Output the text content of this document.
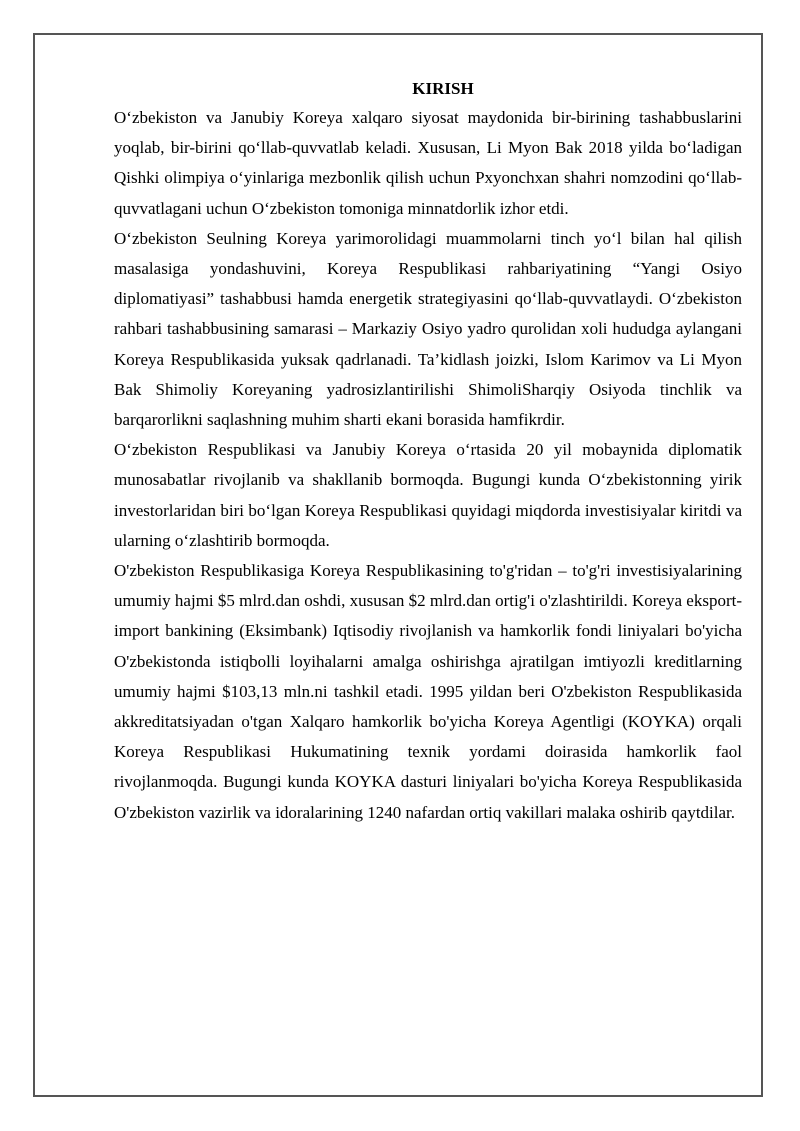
KIRISH

O‘zbekiston va Janubiy Koreya xalqaro siyosat maydonida bir-birining tashabbuslarini yoqlab, bir-birini qo‘llab-quvvatlab keladi. Xususan, Li Myon Bak 2018 yilda bo‘ladigan Qishki olimpiya o‘yinlariga mezbonlik qilish uchun Pxyonchxan shahri nomzodini qo‘llab-quvvatlagani uchun O‘zbekiston tomoniga minnatdorlik izhor etdi.

O‘zbekiston Seulning Koreya yarimorolidagi muammolarni tinch yo‘l bilan hal qilish masalasiga yondashuvini, Koreya Respublikasi rahbariyatining “Yangi Osiyo diplomatiyasi” tashabbusi hamda energetik strategiyasini qo‘llab-quvvatlaydi. O‘zbekiston rahbari tashabbusining samarasi – Markaziy Osiyo yadro qurolidan xoli hududga aylangani Koreya Respublikasida yuksak qadrlanadi. Ta’kidlash joizki, Islom Karimov va Li Myon Bak Shimoliy Koreyaning yadrosizlantirilishi ShimoliSharqiy Osiyoda tinchlik va barqarorlikni saqlashning muhim sharti ekani borasida hamfikrdir.

O‘zbekiston Respublikasi va Janubiy Koreya o‘rtasida 20 yil mobaynida diplomatik munosabatlar rivojlanib va shakllanib bormoqda. Bugungi kunda O‘zbekistonning yirik investorlaridan biri bo‘lgan Koreya Respublikasi quyidagi miqdorda investisiyalar kiritdi va ularning o‘zlashtirib bormoqda.

O'zbekiston Respublikasiga Koreya Respublikasining to'g'ridan – to'g'ri investisiyalarining umumiy hajmi $5 mlrd.dan oshdi, xususan $2 mlrd.dan ortig'i o'zlashtirildi. Koreya eksport-import bankining (Eksimbank) Iqtisodiy rivojlanish va hamkorlik fondi liniyalari bo'yicha O'zbekistonda istiqbolli loyihalarni amalga oshirishga ajratilgan imtiyozli kreditlarning umumiy hajmi $103,13 mln.ni tashkil etadi. 1995 yildan beri O'zbekiston Respublikasida akkreditatsiyadan o'tgan Xalqaro hamkorlik bo'yicha Koreya Agentligi (KOYKA) orqali Koreya Respublikasi Hukumatining texnik yordami doirasida hamkorlik faol rivojlanmoqda. Bugungi kunda KOYKA dasturi liniyalari bo'yicha Koreya Respublikasida O'zbekiston vazirlik va idoralarining 1240 nafardan ortiq vakillari malaka oshirib qaytdilar.
